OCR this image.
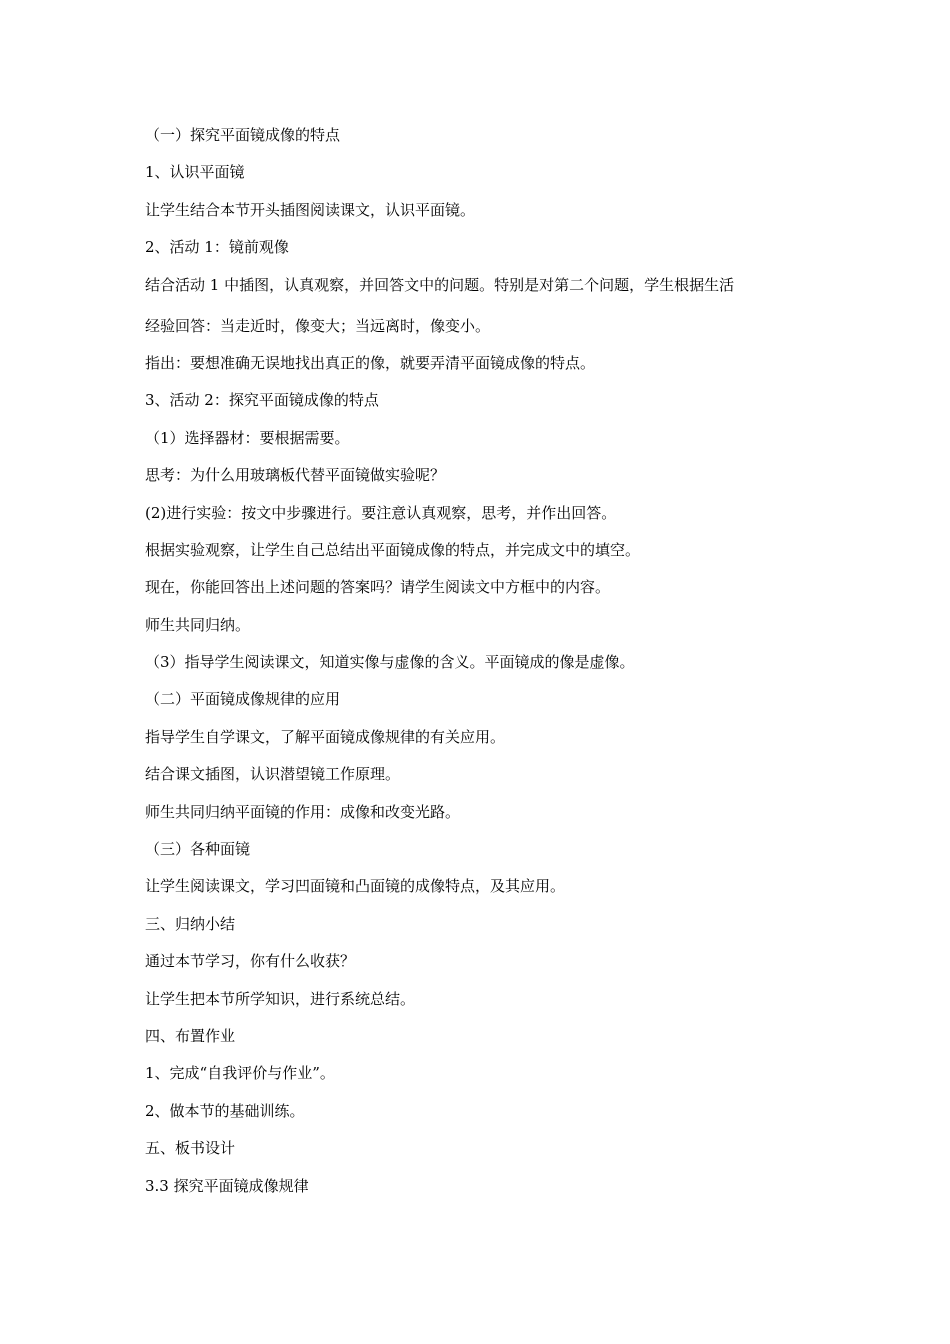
（一）探究平面镜成像的特点
1、认识平面镜
让学生结合本节开头插图阅读课文，认识平面镜。
2、活动 1：镜前观像
结合活动 1 中插图，认真观察，并回答文中的问题。特别是对第二个问题，学生根据生活
经验回答：当走近时，像变大；当远离时，像变小。
指出：要想准确无误地找出真正的像，就要弄清平面镜成像的特点。
3、活动 2：探究平面镜成像的特点
（1）选择器材：要根据需要。
思考：为什么用玻璃板代替平面镜做实验呢？
(2)进行实验：按文中步骤进行。要注意认真观察，思考，并作出回答。
根据实验观察，让学生自己总结出平面镜成像的特点，并完成文中的填空。
现在，你能回答出上述问题的答案吗？请学生阅读文中方框中的内容。
师生共同归纳。
（3）指导学生阅读课文，知道实像与虚像的含义。平面镜成的像是虚像。
（二）平面镜成像规律的应用
指导学生自学课文，了解平面镜成像规律的有关应用。
结合课文插图，认识潜望镜工作原理。
师生共同归纳平面镜的作用：成像和改变光路。
（三）各种面镜
让学生阅读课文，学习凹面镜和凸面镜的成像特点，及其应用。
三、归纳小结
通过本节学习，你有什么收获？
让学生把本节所学知识，进行系统总结。
四、布置作业
1、完成“自我评价与作业”。
2、做本节的基础训练。
五、板书设计
3.3 探究平面镜成像规律
